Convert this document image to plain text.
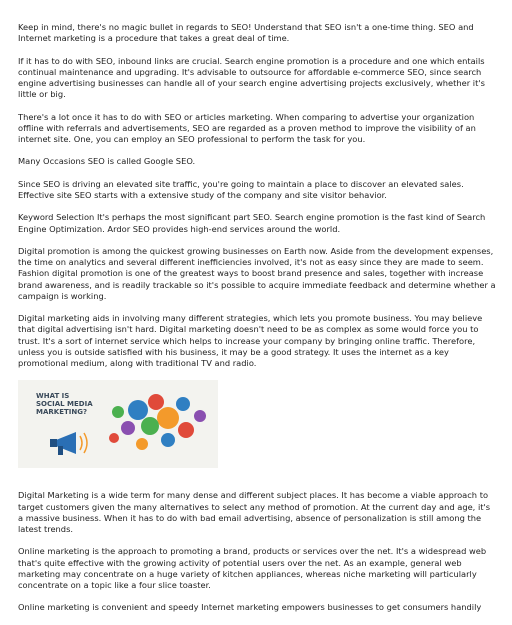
Keep in mind, there's no magic bullet in regards to SEO! Understand that SEO isn't a one-time thing. SEO and Internet marketing is a procedure that takes a great deal of time.

If it has to do with SEO, inbound links are crucial. Search engine promotion is a procedure and one which entails continual maintenance and upgrading. It's advisable to outsource for affordable e-commerce SEO, since search engine advertising businesses can handle all of your search engine advertising projects exclusively, whether it's little or big.

There's a lot once it has to do with SEO or articles marketing. When comparing to advertise your organization offline with referrals and advertisements, SEO are regarded as a proven method to improve the visibility of an internet site. One, you can employ an SEO professional to perform the task for you.

Many Occasions SEO is called Google SEO.

Since SEO is driving an elevated site traffic, you're going to maintain a place to discover an elevated sales. Effective site SEO starts with a extensive study of the company and site visitor behavior.

Keyword Selection It's perhaps the most significant part SEO. Search engine promotion is the fast kind of Search Engine Optimization. Ardor SEO provides high-end services around the world.

Digital promotion is among the quickest growing businesses on Earth now. Aside from the development expenses, the time on analytics and several different inefficiencies involved, it's not as easy since they are made to seem. Fashion digital promotion is one of the greatest ways to boost brand presence and sales, together with increase brand awareness, and is readily trackable so it's possible to acquire immediate feedback and determine whether a campaign is working.

Digital marketing aids in involving many different strategies, which lets you promote business. You may believe that digital advertising isn't hard. Digital marketing doesn't need to be as complex as some would force you to trust. It's a sort of internet service which helps to increase your company by bringing online traffic. Therefore, unless you is outside satisfied with his business, it may be a good strategy. It uses the internet as a key promotional medium, along with traditional TV and radio.

WHAT IS
SOCIAL MEDIA
MARKETING?

Digital Marketing is a wide term for many dense and different subject places. It has become a viable approach to target customers given the many alternatives to select any method of promotion. At the current day and age, it's a massive business. When it has to do with bad email advertising, absence of personalization is still among the latest trends.

Online marketing is the approach to promoting a brand, products or services over the net. It's a widespread web that's quite effective with the growing activity of potential users over the net. As an example, general web marketing may concentrate on a huge variety of kitchen appliances, whereas niche marketing will particularly concentrate on a topic like a four slice toaster.

Online marketing is convenient and speedy Internet marketing empowers businesses to get consumers handily
